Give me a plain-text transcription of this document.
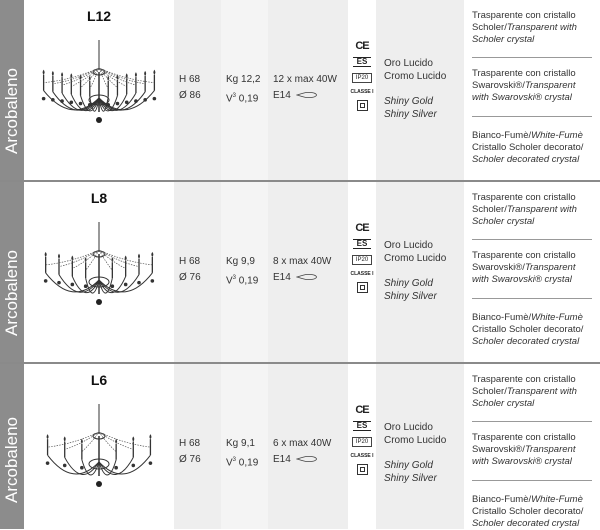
Arcobaleno
L12
H 68
Ø 86
Kg 12,2
$V^3$ 0,19
12 x max 40W
E14
CE
ES
IP20
CLASSE I
Oro Lucido
Cromo Lucido
Shiny Gold
Shiny Silver
Trasparente con cristallo
Scholer/Transparent with
Scholer crystal
Trasparente con cristallo
Swarovski®/Transparent
with Swarovski® crystal
Bianco-Fumè/White-Fumè
Cristallo Scholer decorato/
Scholer decorated crystal
Arcobaleno
L8
H 68
Ø 76
Kg 9,9
$V^3$ 0,19
8 x max 40W
E14
CE
ES
IP20
CLASSE I
Oro Lucido
Cromo Lucido
Shiny Gold
Shiny Silver
Trasparente con cristallo
Scholer/Transparent with
Scholer crystal
Trasparente con cristallo
Swarovski®/Transparent
with Swarovski® crystal
Bianco-Fumè/White-Fumè
Cristallo Scholer decorato/
Scholer decorated crystal
Arcobaleno
L6
H 68
Ø 76
Kg 9,1
$V^3$ 0,19
6 x max 40W
E14
CE
ES
IP20
CLASSE I
Oro Lucido
Cromo Lucido
Shiny Gold
Shiny Silver
Trasparente con cristallo
Scholer/Transparent with
Scholer crystal
Trasparente con cristallo
Swarovski®/Transparent
with Swarovski® crystal
Bianco-Fumè/White-Fumè
Cristallo Scholer decorato/
Scholer decorated crystal
